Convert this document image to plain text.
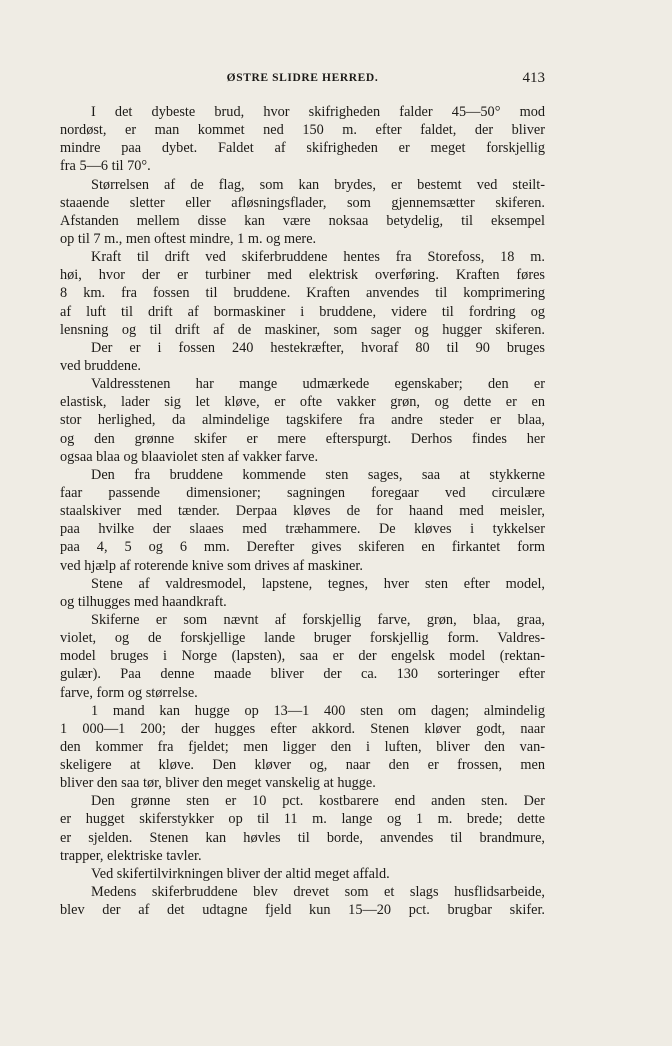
ØSTRE SLIDRE HERRED.	413
I det dybeste brud, hvor skifrigheden falder 45—50° mod
nordøst, er man kommet ned 150 m. efter faldet, der bliver
mindre paa dybet. Faldet af skifrigheden er meget forskjellig
fra 5—6 til 70°.
Størrelsen af de flag, som kan brydes, er bestemt ved steilt-
staaende sletter eller afløsningsflader, som gjennemsætter skiferen.
Afstanden mellem disse kan være noksaa betydelig, til eksempel
op til 7 m., men oftest mindre, 1 m. og mere.
Kraft til drift ved skiferbruddene hentes fra Storefoss, 18 m.
høi, hvor der er turbiner med elektrisk overføring. Kraften føres
8 km. fra fossen til bruddene. Kraften anvendes til komprimering
af luft til drift af bormaskiner i bruddene, videre til fordring og
lensning og til drift af de maskiner, som sager og hugger skiferen.
Der er i fossen 240 hestekræfter, hvoraf 80 til 90 bruges
ved bruddene.
Valdresstenen har mange udmærkede egenskaber; den er
elastisk, lader sig let kløve, er ofte vakker grøn, og dette er en
stor herlighed, da almindelige tagskifere fra andre steder er blaa,
og den grønne skifer er mere efterspurgt. Derhos findes her
ogsaa blaa og blaaviolet sten af vakker farve.
Den fra bruddene kommende sten sages, saa at stykkerne
faar passende dimensioner; sagningen foregaar ved circulære
staalskiver med tænder. Derpaa kløves de for haand med meisler,
paa hvilke der slaaes med træhammere. De kløves i tykkelser
paa 4, 5 og 6 mm. Derefter gives skiferen en firkantet form
ved hjælp af roterende knive som drives af maskiner.
Stene af valdresmodel, lapstene, tegnes, hver sten efter model,
og tilhugges med haandkraft.
Skiferne er som nævnt af forskjellig farve, grøn, blaa, graa,
violet, og de forskjellige lande bruger forskjellig form. Valdres-
model bruges i Norge (lapsten), saa er der engelsk model (rektan-
gulær). Paa denne maade bliver der ca. 130 sorteringer efter
farve, form og størrelse.
1 mand kan hugge op 13—1 400 sten om dagen; almindelig
1 000—1 200; der hugges efter akkord. Stenen kløver godt, naar
den kommer fra fjeldet; men ligger den i luften, bliver den van-
skeligere at kløve. Den kløver og, naar den er frossen, men
bliver den saa tør, bliver den meget vanskelig at hugge.
Den grønne sten er 10 pct. kostbarere end anden sten. Der
er hugget skiferstykker op til 11 m. lange og 1 m. brede; dette
er sjelden. Stenen kan høvles til borde, anvendes til brandmure,
trapper, elektriske tavler.
Ved skifertilvirkningen bliver der altid meget affald.
Medens skiferbruddene blev drevet som et slags husflidsarbeide,
blev der af det udtagne fjeld kun 15—20 pct. brugbar skifer.
